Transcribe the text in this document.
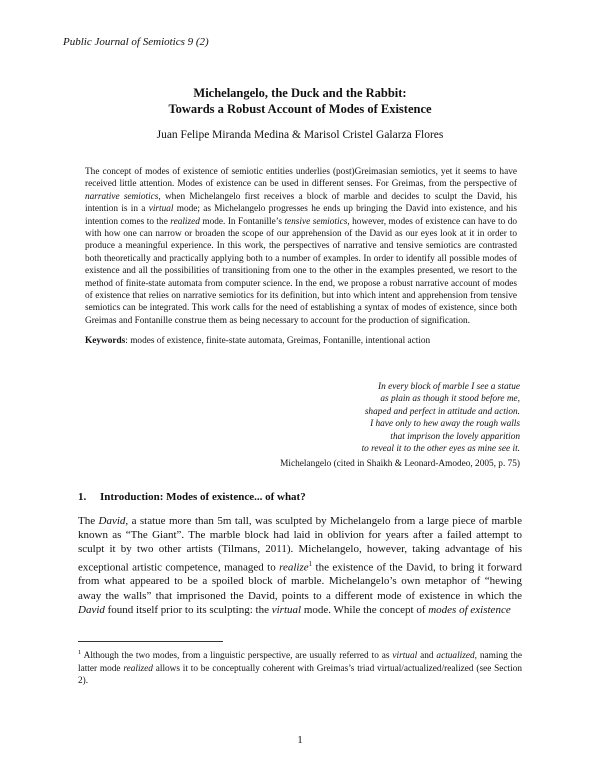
Public Journal of Semiotics 9 (2)
Michelangelo, the Duck and the Rabbit:
Towards a Robust Account of Modes of Existence
Juan Felipe Miranda Medina & Marisol Cristel Galarza Flores

The concept of modes of existence of semiotic entities underlies (post)Greimasian semiotics, yet it seems to have received little attention. Modes of existence can be used in different senses. For Greimas, from the perspective of narrative semiotics, when Michelangelo first receives a block of marble and decides to sculpt the David, his intention is in a virtual mode; as Michelangelo progresses he ends up bringing the David into existence, and his intention comes to the realized mode. In Fontanille’s tensive semiotics, however, modes of existence can have to do with how one can narrow or broaden the scope of our apprehension of the David as our eyes look at it in order to produce a meaningful experience. In this work, the perspectives of narrative and tensive semiotics are contrasted both theoretically and practically applying both to a number of examples. In order to identify all possible modes of existence and all the possibilities of transitioning from one to the other in the examples presented, we resort to the method of finite-state automata from computer science. In the end, we propose a robust narrative account of modes of existence that relies on narrative semiotics for its definition, but into which intent and apprehension from tensive semiotics can be integrated. This work calls for the need of establishing a syntax of modes of existence, since both Greimas and Fontanille construe them as being necessary to account for the production of signification.

Keywords: modes of existence, finite-state automata, Greimas, Fontanille, intentional action
In every block of marble I see a statue
as plain as though it stood before me,
shaped and perfect in attitude and action.
I have only to hew away the rough walls
that imprison the lovely apparition
to reveal it to the other eyes as mine see it.
Michelangelo (cited in Shaikh & Leonard-Amodeo, 2005, p. 75)
1. Introduction: Modes of existence... of what?

The David, a statue more than 5m tall, was sculpted by Michelangelo from a large piece of marble known as “The Giant”. The marble block had laid in oblivion for years after a failed attempt to sculpt it by two other artists (Tilmans, 2011). Michelangelo, however, taking advantage of his exceptional artistic competence, managed to realize$^1$ the existence of the David, to bring it forward from what appeared to be a spoiled block of marble. Michelangelo’s own metaphor of “hewing away the walls” that imprisoned the David, points to a different mode of existence in which the David found itself prior to its sculpting: the virtual mode. While the concept of modes of existence

$^1$ Although the two modes, from a linguistic perspective, are usually referred to as virtual and actualized, naming the latter mode realized allows it to be conceptually coherent with Greimas’s triad virtual/actualized/realized (see Section 2).

1
